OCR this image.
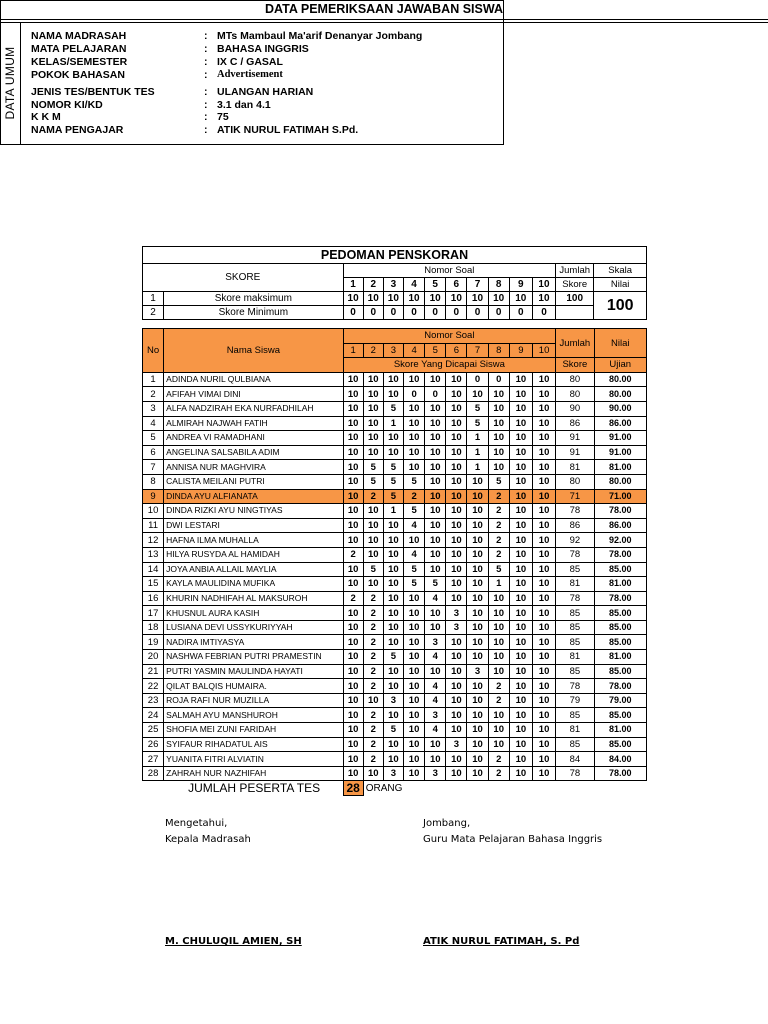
DATA PEMERIKSAAN JAWABAN SISWA
DATA UMUM
NAMA MADRASAH	: MTs Mambaul Ma'arif Denanyar Jombang
MATA PELAJARAN	: BAHASA INGGRIS
KELAS/SEMESTER	: IX C / GASAL
POKOK BAHASAN	: Advertisement
JENIS TES/BENTUK TES	: ULANGAN HARIAN
NOMOR KI/KD	: 3.1 dan 4.1
K K M	: 75
NAMA PENGAJAR	: ATIK NURUL FATIMAH S.Pd.
PEDOMAN PENSKORAN													
SKORE		Nomor Soal										Jumlah	Skala
		1	2	3	4	5	6	7	8	9	10	Skore	Nilai
1	Skore maksimum	10	10	10	10	10	10	10	10	10	10	100	100
2	Skore Minimum	0	0	0	0	0	0	0	0	0	0		
No	Nama Siswa	Nomor Soal										Jumlah	Nilai
		1	2	3	4	5	6	7	8	9	10		
		Skore Yang Dicapai Siswa										Skore	Ujian
1	ADINDA NURIL QULBIANA	10	10	10	10	10	10	0	0	10	10	80	80.00
2	AFIFAH VIMAI DINI	10	10	10	0	0	10	10	10	10	10	80	80.00
3	ALFA NADZIRAH EKA NURFADHILAH	10	10	5	10	10	10	5	10	10	10	90	90.00
4	ALMIRAH NAJWAH FATIH	10	10	1	10	10	10	5	10	10	10	86	86.00
5	ANDREA VI RAMADHANI	10	10	10	10	10	10	1	10	10	10	91	91.00
6	ANGELINA SALSABILA ADIM	10	10	10	10	10	10	1	10	10	10	91	91.00
7	ANNISA NUR MAGHVIRA	10	5	5	10	10	10	1	10	10	10	81	81.00
8	CALISTA MEILANI PUTRI	10	5	5	5	10	10	10	5	10	10	80	80.00
9	DINDA AYU ALFIANATA	10	2	5	2	10	10	10	2	10	10	71	71.00
10	DINDA RIZKI AYU NINGTIYAS	10	10	1	5	10	10	10	2	10	10	78	78.00
11	DWI LESTARI	10	10	10	4	10	10	10	2	10	10	86	86.00
12	HAFNA ILMA MUHALLA	10	10	10	10	10	10	10	2	10	10	92	92.00
13	HILYA RUSYDA AL HAMIDAH	2	10	10	4	10	10	10	2	10	10	78	78.00
14	JOYA ANBIA ALLAIL MAYLIA	10	5	10	5	10	10	10	5	10	10	85	85.00
15	KAYLA MAULIDINA MUFIKA	10	10	10	5	5	10	10	1	10	10	81	81.00
16	KHURIN NADHIFAH AL MAKSUROH	2	2	10	10	4	10	10	10	10	10	78	78.00
17	KHUSNUL AURA KASIH	10	2	10	10	10	3	10	10	10	10	85	85.00
18	LUSIANA DEVI USSYKURIYYAH	10	2	10	10	10	3	10	10	10	10	85	85.00
19	NADIRA IMTIYASYA	10	2	10	10	3	10	10	10	10	10	85	85.00
20	NASHWA FEBRIAN PUTRI PRAMESTIN	10	2	5	10	4	10	10	10	10	10	81	81.00
21	PUTRI YASMIN MAULINDA HAYATI	10	2	10	10	10	10	3	10	10	10	85	85.00
22	QILAT BALQIS HUMAIRA.	10	2	10	10	4	10	10	2	10	10	78	78.00
23	ROJA RAFI NUR MUZILLA	10	10	3	10	4	10	10	2	10	10	79	79.00
24	SALMAH AYU MANSHUROH	10	2	10	10	3	10	10	10	10	10	85	85.00
25	SHOFIA MEI ZUNI FARIDAH	10	2	5	10	4	10	10	10	10	10	81	81.00
26	SYIFAUR RIHADATUL AIS	10	2	10	10	10	3	10	10	10	10	85	85.00
27	YUANITA FITRI ALVIATIN	10	2	10	10	10	10	10	2	10	10	84	84.00
28	ZAHRAH NUR NAZHIFAH	10	10	3	10	3	10	10	2	10	10	78	78.00
	JUMLAH PESERTA TES	28	ORANG										
Mengetahui,
Kepala Madrasah
M. CHULUQIL AMIEN, SH
Jombang,
Guru Mata Pelajaran Bahasa Inggris
ATIK NURUL FATIMAH, S. Pd
